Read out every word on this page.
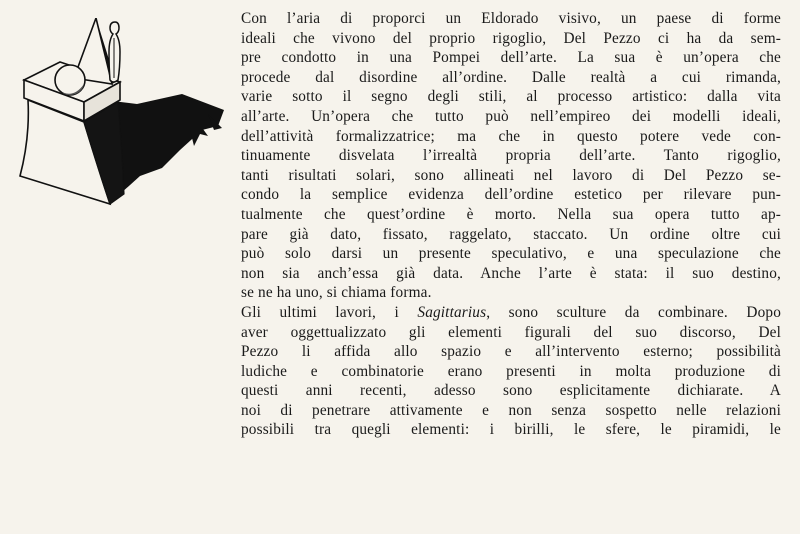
Con l’aria di proporci un Eldorado visivo, un paese di forme
ideali che vivono del proprio rigoglio, Del Pezzo ci ha da sem-
pre condotto in una Pompei dell’arte. La sua è un’opera che
procede dal disordine all’ordine. Dalle realtà a cui rimanda,
varie sotto il segno degli stili, al processo artistico: dalla vita
all’arte. Un’opera che tutto può nell’empireo dei modelli ideali,
dell’attività formalizzatrice; ma che in questo potere vede con-
tinuamente disvelata l’irrealtà propria dell’arte. Tanto rigoglio,
tanti risultati solari, sono allineati nel lavoro di Del Pezzo se-
condo la semplice evidenza dell’ordine estetico per rilevare pun-
tualmente che quest’ordine è morto. Nella sua opera tutto ap-
pare già dato, fissato, raggelato, staccato. Un ordine oltre cui
può solo darsi un presente speculativo, e una speculazione che
non sia anch’essa già data. Anche l’arte è stata: il suo destino,
se ne ha uno, si chiama forma.

Gli ultimi lavori, i Sagittarius, sono sculture da combinare. Dopo
aver oggettualizzato gli elementi figurali del suo discorso, Del
Pezzo li affida allo spazio e all’intervento esterno; possibilità
ludiche e combinatorie erano presenti in molta produzione di
questi anni recenti, adesso sono esplicitamente dichiarate. A
noi di penetrare attivamente e non senza sospetto nelle relazioni
possibili tra quegli elementi: i birilli, le sfere, le piramidi, le
